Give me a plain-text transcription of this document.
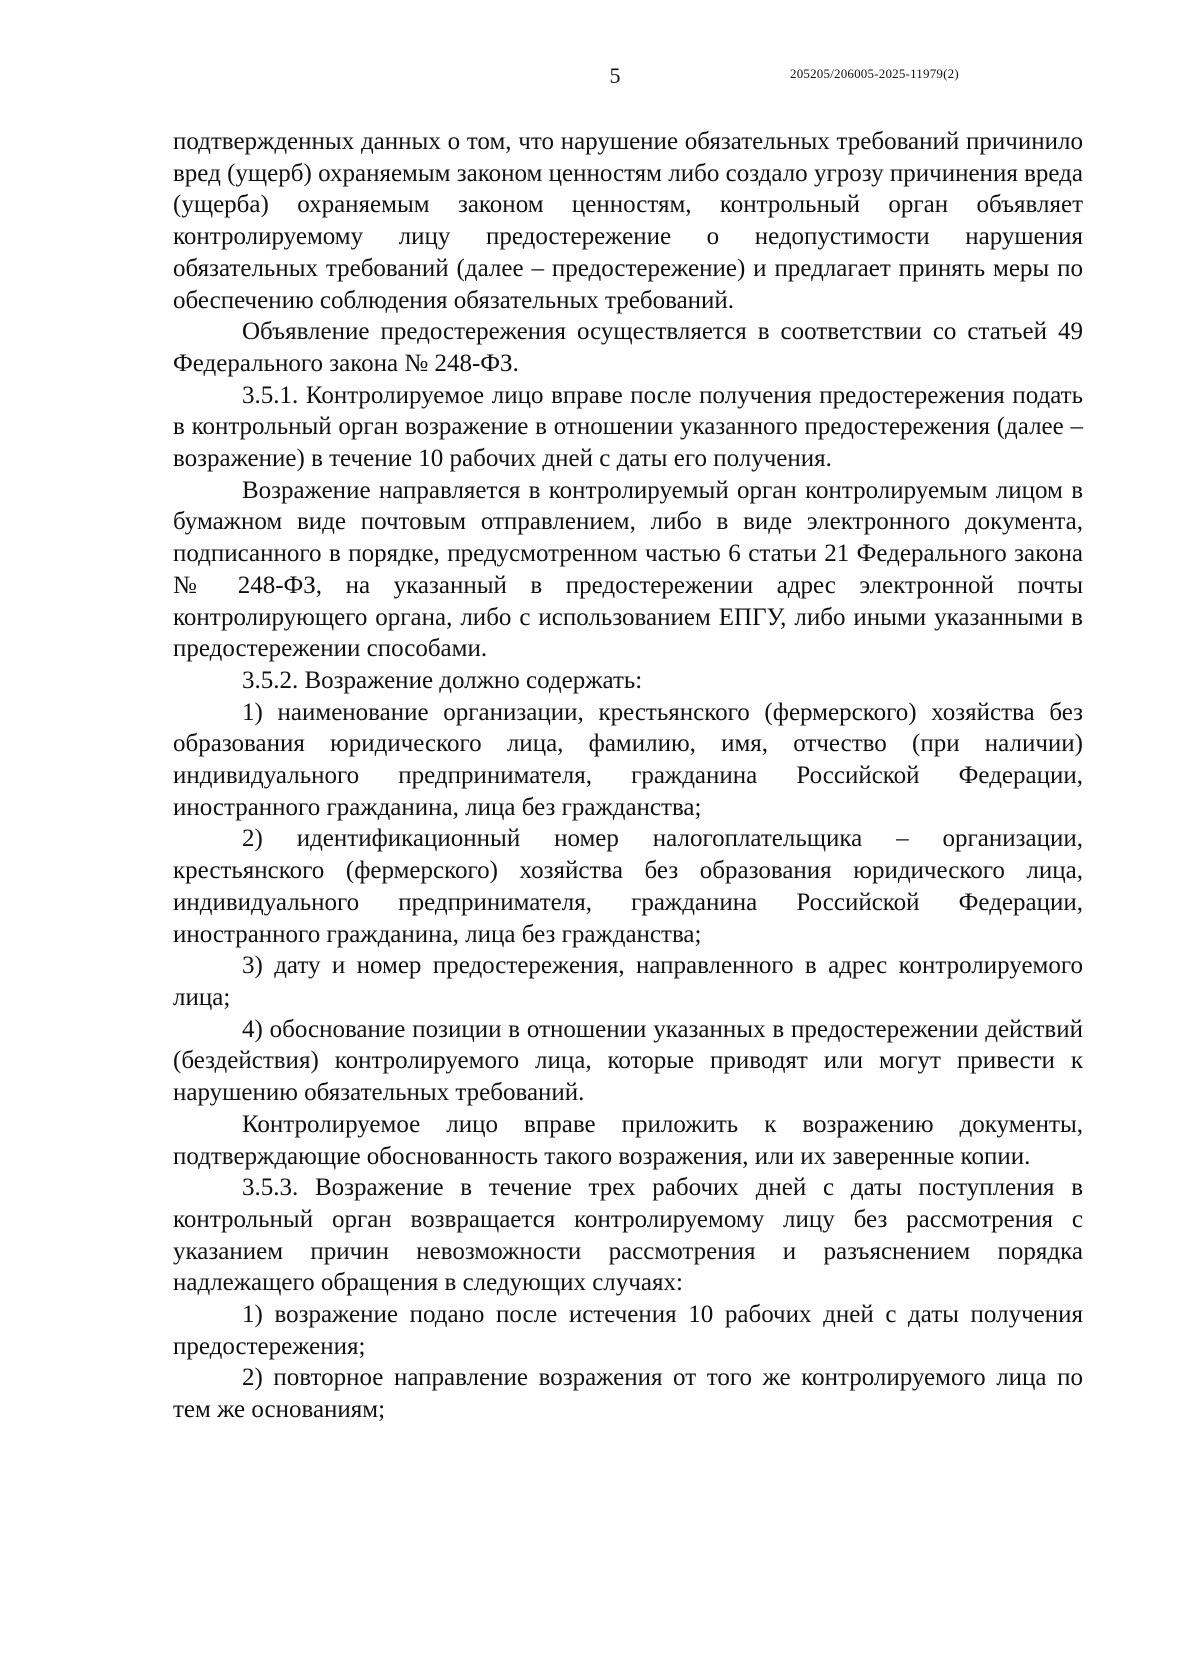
5	205205/206005-2025-11979(2)

подтвержденных данных о том, что нарушение обязательных требований причинило вред (ущерб) охраняемым законом ценностям либо создало угрозу причинения вреда (ущерба) охраняемым законом ценностям, контрольный орган объявляет контролируемому лицу предостережение о недопустимости нарушения обязательных требований (далее – предостережение) и предлагает принять меры по обеспечению соблюдения обязательных требований.

Объявление предостережения осуществляется в соответствии со статьей 49 Федерального закона № 248-ФЗ.

3.5.1. Контролируемое лицо вправе после получения предостережения подать в контрольный орган возражение в отношении указанного предостережения (далее – возражение) в течение 10 рабочих дней с даты его получения.

Возражение направляется в контролируемый орган контролируемым лицом в бумажном виде почтовым отправлением, либо в виде электронного документа, подписанного в порядке, предусмотренном частью 6 статьи 21 Федерального закона № 248-ФЗ, на указанный в предостережении адрес электронной почты контролирующего органа, либо с использованием ЕПГУ, либо иными указанными в предостережении способами.

3.5.2. Возражение должно содержать:

1) наименование организации, крестьянского (фермерского) хозяйства без образования юридического лица, фамилию, имя, отчество (при наличии) индивидуального предпринимателя, гражданина Российской Федерации, иностранного гражданина, лица без гражданства;

2) идентификационный номер налогоплательщика – организации, крестьянского (фермерского) хозяйства без образования юридического лица, индивидуального предпринимателя, гражданина Российской Федерации, иностранного гражданина, лица без гражданства;

3) дату и номер предостережения, направленного в адрес контролируемого лица;

4) обоснование позиции в отношении указанных в предостережении действий (бездействия) контролируемого лица, которые приводят или могут привести к нарушению обязательных требований.

Контролируемое лицо вправе приложить к возражению документы, подтверждающие обоснованность такого возражения, или их заверенные копии.

3.5.3. Возражение в течение трех рабочих дней с даты поступления в контрольный орган возвращается контролируемому лицу без рассмотрения с указанием причин невозможности рассмотрения и разъяснением порядка надлежащего обращения в следующих случаях:

1) возражение подано после истечения 10 рабочих дней с даты получения предостережения;

2) повторное направление возражения от того же контролируемого лица по тем же основаниям;
